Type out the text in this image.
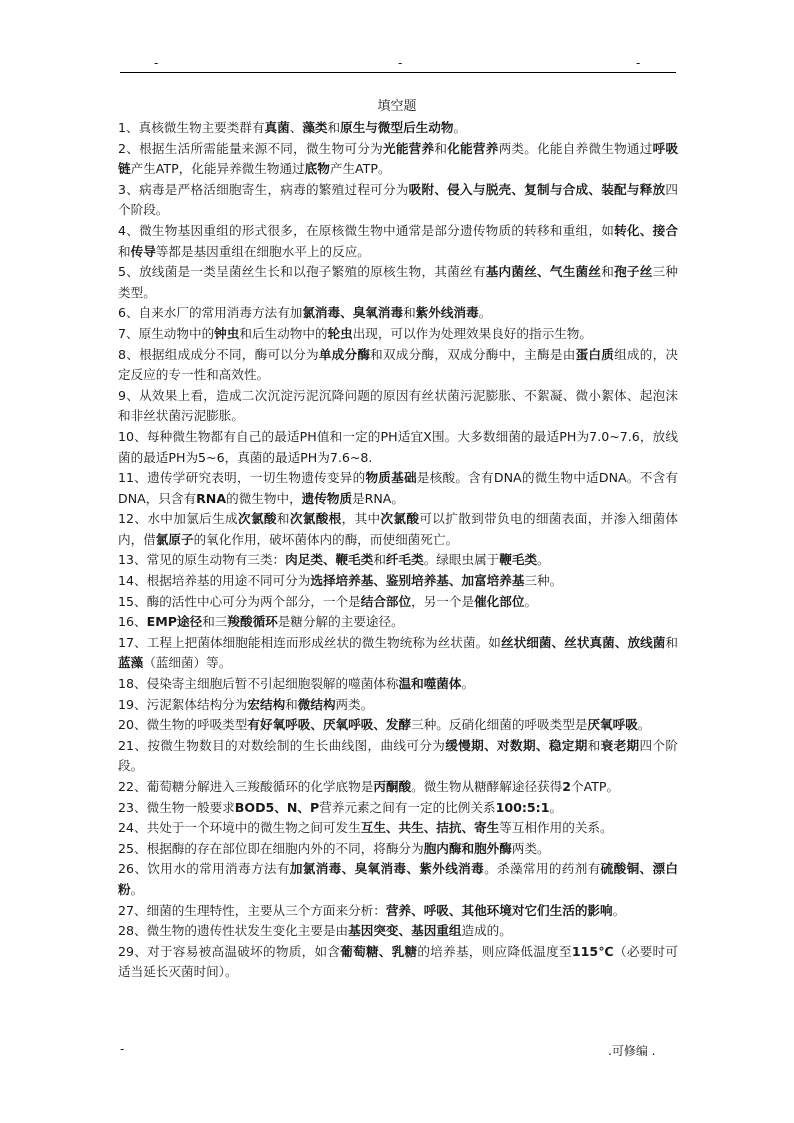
-	-	-
填空题

1、真核微生物主要类群有真菌、藻类和原生与微型后生动物。

2、根据生活所需能量来源不同，微生物可分为光能营养和化能营养两类。化能自养微生物通过呼吸链产生ATP，化能异养微生物通过底物产生ATP。

3、病毒是严格活细胞寄生，病毒的繁殖过程可分为吸附、侵入与脱壳、复制与合成、装配与释放四个阶段。

4、微生物基因重组的形式很多，在原核微生物中通常是部分遗传物质的转移和重组，如转化、接合和传导等都是基因重组在细胞水平上的反应。

5、放线菌是一类呈菌丝生长和以孢子繁殖的原核生物，其菌丝有基内菌丝、气生菌丝和孢子丝三种类型。

6、自来水厂的常用消毒方法有加氯消毒、臭氧消毒和紫外线消毒。

7、原生动物中的钟虫和后生动物中的轮虫出现，可以作为处理效果良好的指示生物。

8、根据组成成分不同，酶可以分为单成分酶和双成分酶，双成分酶中，主酶是由蛋白质组成的，决定反应的专一性和高效性。

9、从效果上看，造成二次沉淀污泥沉降问题的原因有丝状菌污泥膨胀、不絮凝、微小絮体、起泡沫和非丝状菌污泥膨胀。

10、每种微生物都有自己的最适PH值和一定的PH适宜X围。大多数细菌的最适PH为7.0~7.6，放线菌的最适PH为5~6，真菌的最适PH为7.6~8.

11、遗传学研究表明，一切生物遗传变异的物质基础是核酸。含有DNA的微生物中适DNA。不含有DNA，只含有RNA的微生物中，遗传物质是RNA。

12、水中加氯后生成次氯酸和次氯酸根，其中次氯酸可以扩散到带负电的细菌表面，并渗入细菌体内，借氯原子的氧化作用，破坏菌体内的酶，而使细菌死亡。

13、常见的原生动物有三类：肉足类、鞭毛类和纤毛类。绿眼虫属于鞭毛类。

14、根据培养基的用途不同可分为选择培养基、鉴别培养基、加富培养基三种。

15、酶的活性中心可分为两个部分，一个是结合部位，另一个是催化部位。

16、EMP途径和三羧酸循环是糖分解的主要途径。

17、工程上把菌体细胞能相连而形成丝状的微生物统称为丝状菌。如丝状细菌、丝状真菌、放线菌和蓝藻（蓝细菌）等。

18、侵染寄主细胞后暂不引起细胞裂解的噬菌体称温和噬菌体。

19、污泥絮体结构分为宏结构和微结构两类。

20、微生物的呼吸类型有好氧呼吸、厌氧呼吸、发酵三种。反硝化细菌的呼吸类型是厌氧呼吸。

21、按微生物数目的对数绘制的生长曲线图，曲线可分为缓慢期、对数期、稳定期和衰老期四个阶段。

22、葡萄糖分解进入三羧酸循环的化学底物是丙酮酸。微生物从糖酵解途径获得2个ATP。

23、微生物一般要求BOD5、N、P营养元素之间有一定的比例关系100:5:1。

24、共处于一个环境中的微生物之间可发生互生、共生、拮抗、寄生等互相作用的关系。

25、根据酶的存在部位即在细胞内外的不同，将酶分为胞内酶和胞外酶两类。

26、饮用水的常用消毒方法有加氯消毒、臭氧消毒、紫外线消毒。杀藻常用的药剂有硫酸铜、漂白粉。

27、细菌的生理特性，主要从三个方面来分析：营养、呼吸、其他环境对它们生活的影响。

28、微生物的遗传性状发生变化主要是由基因突变、基因重组造成的。

29、对于容易被高温破坏的物质，如含葡萄糖、乳糖的培养基，则应降低温度至115℃（必要时可适当延长灭菌时间）。

-	.可修编 .
